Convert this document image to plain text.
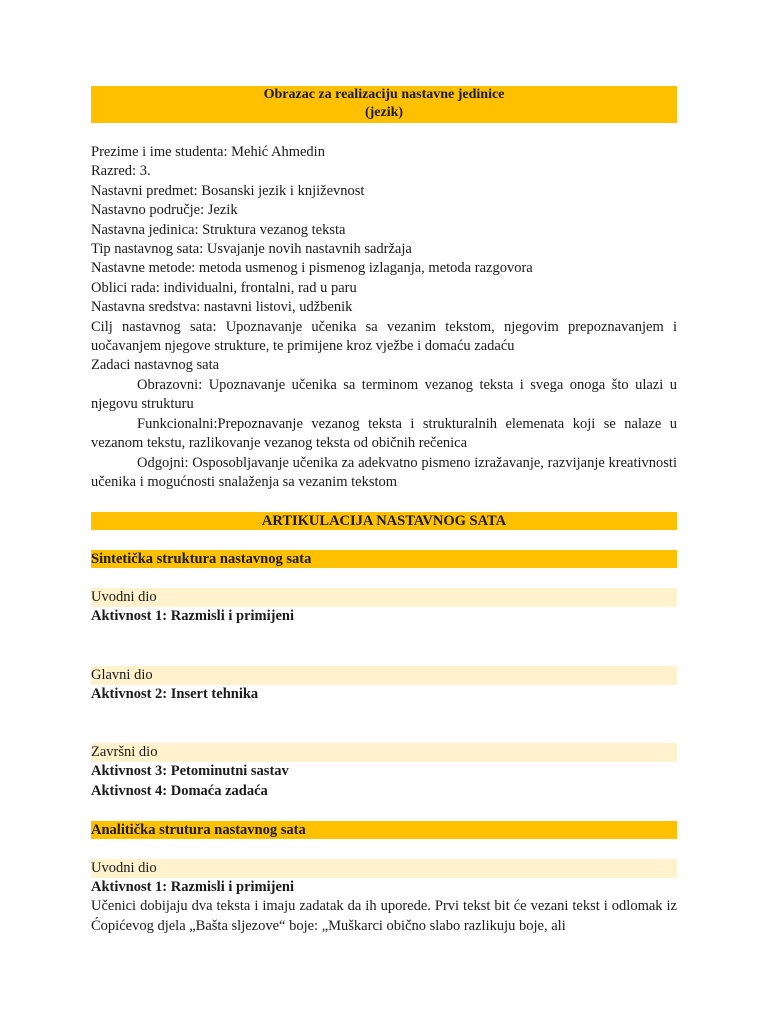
Obrazac za realizaciju nastavne jedinice
(jezik)
Prezime i ime studenta: Mehić Ahmedin
Razred: 3.
Nastavni predmet: Bosanski jezik i književnost
Nastavno područje: Jezik
Nastavna jedinica: Struktura vezanog teksta
Tip nastavnog sata: Usvajanje novih nastavnih sadržaja
Nastavne metode: metoda usmenog i pismenog izlaganja, metoda razgovora
Oblici rada: individualni, frontalni, rad u paru
Nastavna sredstva: nastavni listovi, udžbenik
Cilj nastavnog sata: Upoznavanje učenika sa vezanim tekstom, njegovim prepoznavanjem i uočavanjem njegove strukture, te primijene kroz vježbe i domaću zadaću
Zadaci nastavnog sata
Obrazovni: Upoznavanje učenika sa terminom vezanog teksta i svega onoga što ulazi u njegovu strukturu
Funkcionalni:Prepoznavanje vezanog teksta i strukturalnih elemenata koji se nalaze u vezanom tekstu, razlikovanje vezanog teksta od običnih rečenica
Odgojni: Osposobljavanje učenika za adekvatno pismeno izražavanje, razvijanje kreativnosti učenika i mogućnosti snalaženja sa vezanim tekstom
ARTIKULACIJA NASTAVNOG SATA
Sintetička struktura nastavnog sata
Uvodni dio
Aktivnost 1: Razmisli i primijeni
Glavni dio
Aktivnost 2: Insert tehnika
Završni dio
Aktivnost 3: Petominutni sastav
Aktivnost 4: Domaća zadaća
Analitička strutura nastavnog sata
Uvodni dio
Aktivnost 1: Razmisli i primijeni
Učenici dobijaju dva teksta i imaju zadatak da ih uporede. Prvi tekst bit će vezani tekst i odlomak iz Ćopićevog djela „Bašta sljezove“ boje: „Muškarci obično slabo razlikuju boje, ali
